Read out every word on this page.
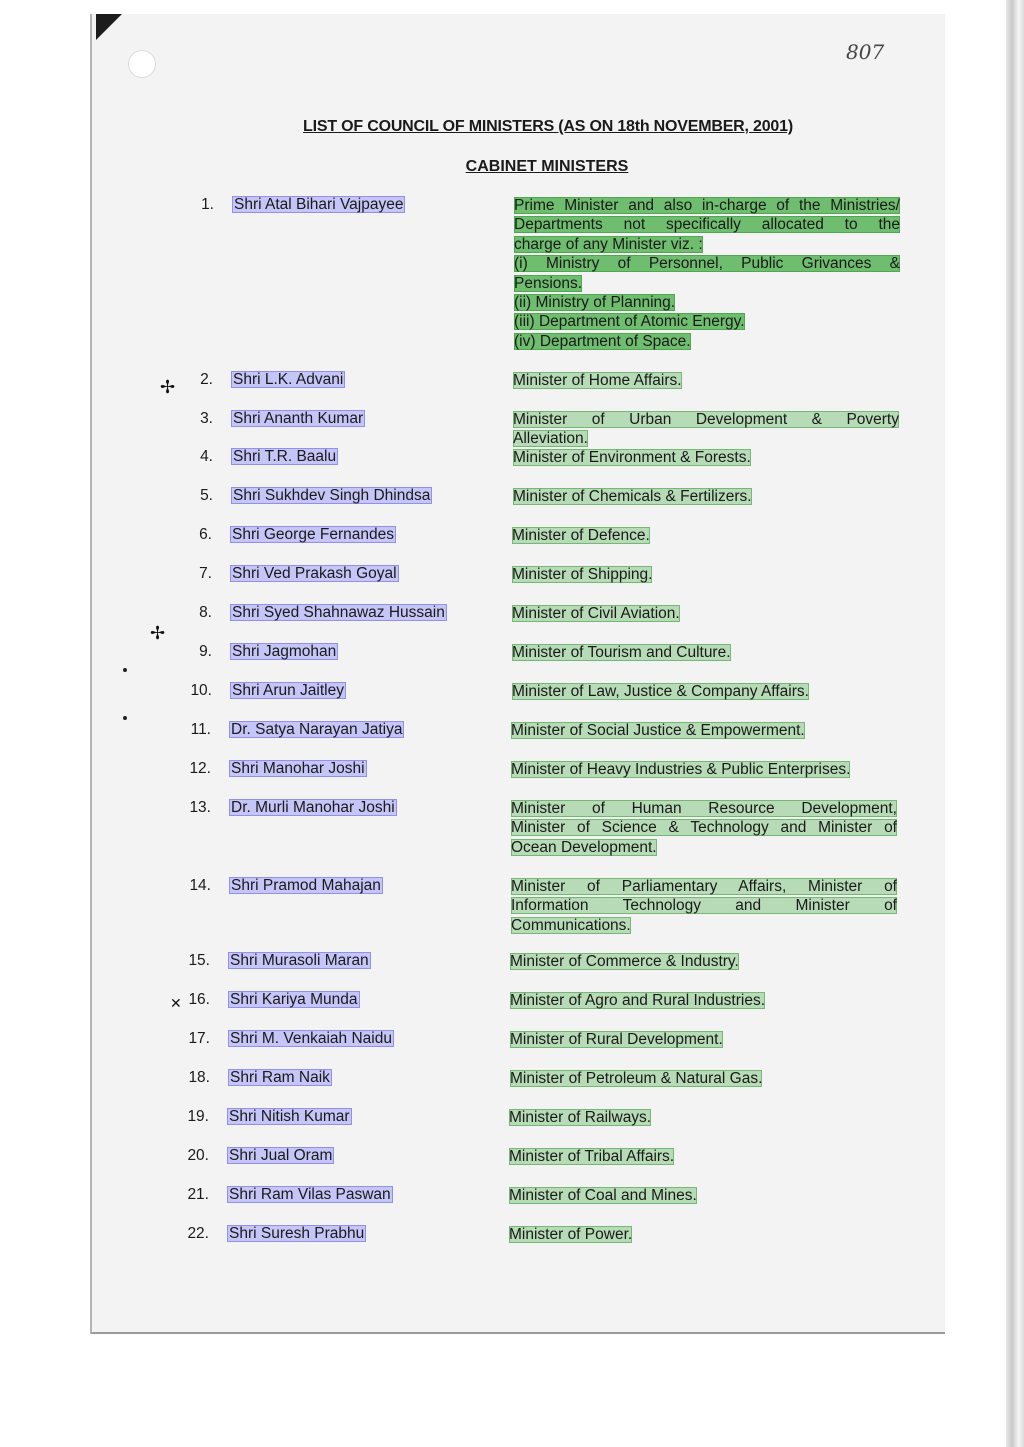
807
LIST OF COUNCIL OF MINISTERS (AS ON 18th NOVEMBER, 2001)
CABINET MINISTERS
✢
✢
✕
1. Shri Atal Bihari Vajpayee	Prime Minister and also in-charge of the Ministries/
Departments not specifically allocated to the
charge of any Minister viz. :
(i) Ministry of Personnel, Public Grivances &
Pensions.
(ii) Ministry of Planning.
(iii) Department of Atomic Energy.
(iv) Department of Space.
2. Shri L.K. Advani	Minister of Home Affairs.
3. Shri Ananth Kumar	Minister of Urban Development & Poverty
Alleviation.
4. Shri T.R. Baalu	Minister of Environment & Forests.
5. Shri Sukhdev Singh Dhindsa	Minister of Chemicals & Fertilizers.
6. Shri George Fernandes	Minister of Defence.
7. Shri Ved Prakash Goyal	Minister of Shipping.
8. Shri Syed Shahnawaz Hussain	Minister of Civil Aviation.
9. Shri Jagmohan	Minister of Tourism and Culture.
10. Shri Arun Jaitley	Minister of Law, Justice & Company Affairs.
11. Dr. Satya Narayan Jatiya	Minister of Social Justice & Empowerment.
12. Shri Manohar Joshi	Minister of Heavy Industries & Public Enterprises.
13. Dr. Murli Manohar Joshi	Minister of Human Resource Development,
Minister of Science & Technology and Minister of
Ocean Development.
14. Shri Pramod Mahajan	Minister of Parliamentary Affairs, Minister of
Information Technology and Minister of
Communications.
15. Shri Murasoli Maran	Minister of Commerce & Industry.
16. Shri Kariya Munda	Minister of Agro and Rural Industries.
17. Shri M. Venkaiah Naidu	Minister of Rural Development.
18. Shri Ram Naik	Minister of Petroleum & Natural Gas.
19. Shri Nitish Kumar	Minister of Railways.
20. Shri Jual Oram	Minister of Tribal Affairs.
21. Shri Ram Vilas Paswan	Minister of Coal and Mines.
22. Shri Suresh Prabhu	Minister of Power.
